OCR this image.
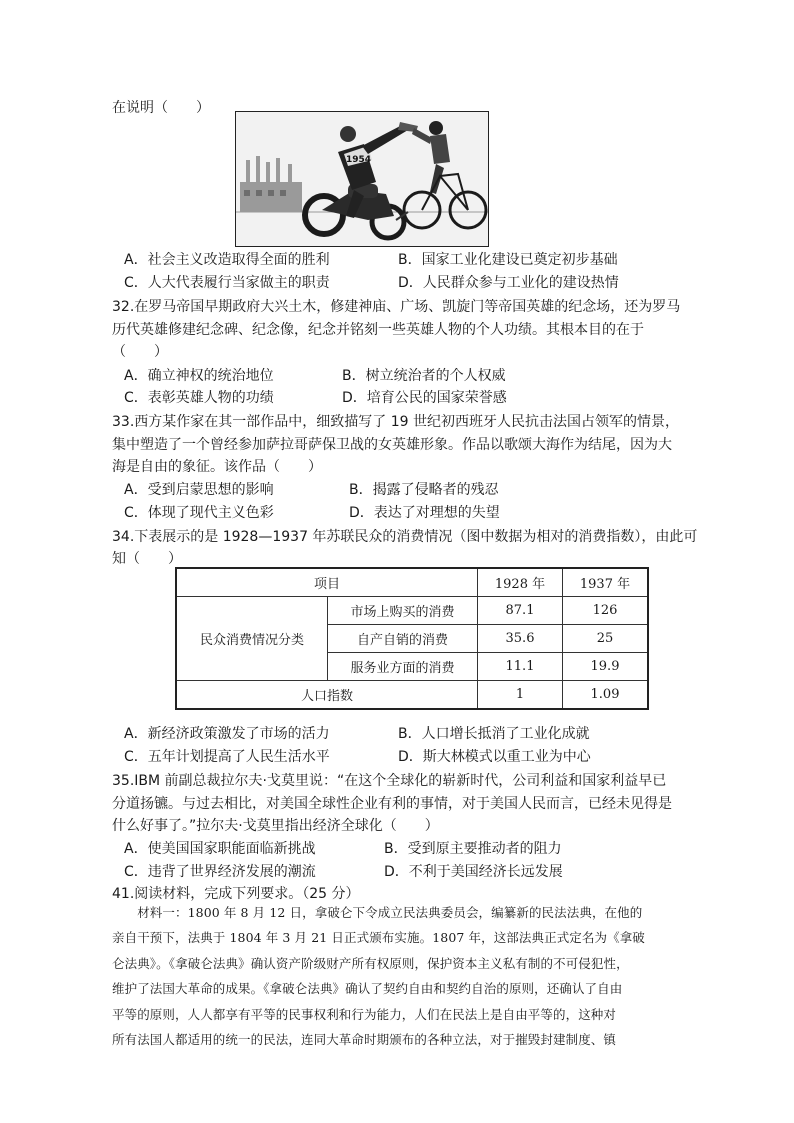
在说明（　　）
1954
A．社会主义改造取得全面的胜利	B．国家工业化建设已奠定初步基础
C．人大代表履行当家做主的职责	D．人民群众参与工业化的建设热情
32.在罗马帝国早期政府大兴土木，修建神庙、广场、凯旋门等帝国英雄的纪念场，还为罗马
历代英雄修建纪念碑、纪念像，纪念并铭刻一些英雄人物的个人功绩。其根本目的在于
（　　）
A．确立神权的统治地位	B．树立统治者的个人权威
C．表彰英雄人物的功绩	D．培育公民的国家荣誉感
33.西方某作家在其一部作品中，细致描写了 19 世纪初西班牙人民抗击法国占领军的情景，
集中塑造了一个曾经参加萨拉哥萨保卫战的女英雄形象。作品以歌颂大海作为结尾，因为大
海是自由的象征。该作品（　　）
A．受到启蒙思想的影响	B．揭露了侵略者的残忍
C．体现了现代主义色彩	D．表达了对理想的失望
34.下表展示的是 1928—1937 年苏联民众的消费情况（图中数据为相对的消费指数），由此可
知（　　）
项目		1928 年	1937 年
民众消费情况分类	市场上购买的消费	87.1	126
	自产自销的消费	35.6	25
	服务业方面的消费	11.1	19.9
人口指数		1	1.09
A．新经济政策激发了市场的活力	B．人口增长抵消了工业化成就
C．五年计划提高了人民生活水平	D．斯大林模式以重工业为中心
35.IBM 前副总裁拉尔夫·戈莫里说：“在这个全球化的崭新时代，公司利益和国家利益早已
分道扬镳。与过去相比，对美国全球性企业有利的事情，对于美国人民而言，已经未见得是
什么好事了。”拉尔夫·戈莫里指出经济全球化（　　）
A．使美国国家职能面临新挑战	B．受到原主要推动者的阻力
C．违背了世界经济发展的潮流	D．不利于美国经济长远发展
41.阅读材料，完成下列要求。（25 分）
　　材料一：1800 年 8 月 12 日，拿破仑下令成立民法典委员会，编纂新的民法法典，在他的
亲自干预下，法典于 1804 年 3 月 21 日正式颁布实施。1807 年，这部法典正式定名为《拿破
仑法典》。《拿破仑法典》确认资产阶级财产所有权原则，保护资本主义私有制的不可侵犯性，
维护了法国大革命的成果。《拿破仑法典》确认了契约自由和契约自治的原则，还确认了自由
平等的原则，人人都享有平等的民事权利和行为能力，人们在民法上是自由平等的，这种对
所有法国人都适用的统一的民法，连同大革命时期颁布的各种立法，对于摧毁封建制度、镇
